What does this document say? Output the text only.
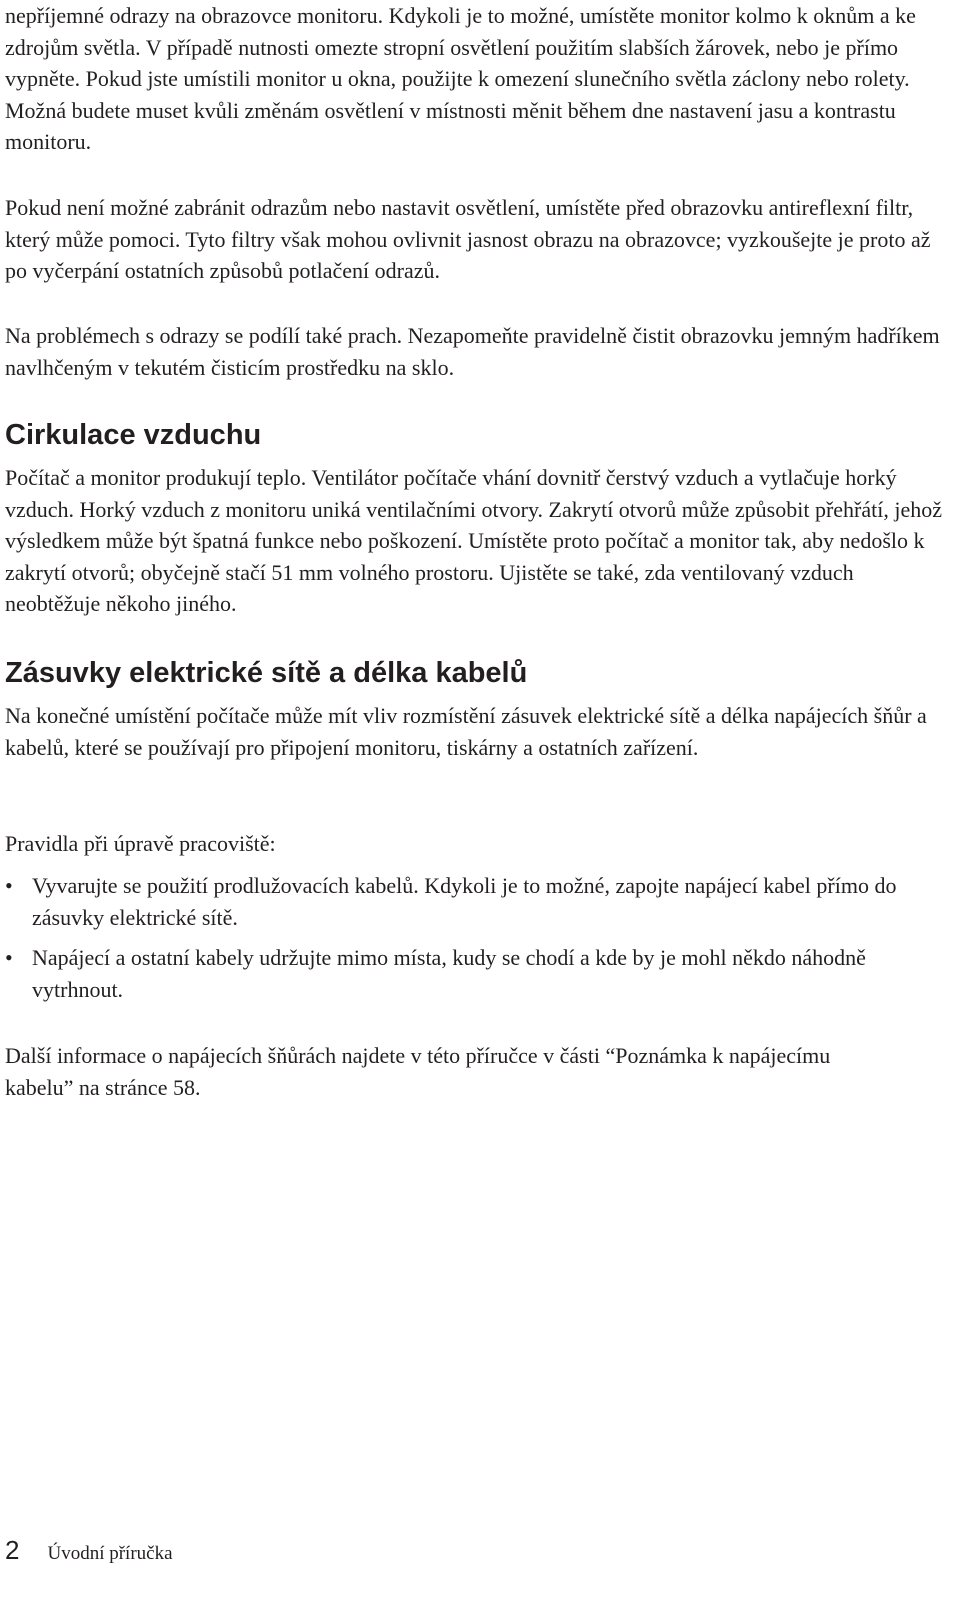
nepříjemné odrazy na obrazovce monitoru. Kdykoli je to možné, umístěte monitor kolmo k oknům a ke zdrojům světla. V případě nutnosti omezte stropní osvětlení použitím slabších žárovek, nebo je přímo vypněte. Pokud jste umístili monitor u okna, použijte k omezení slunečního světla záclony nebo rolety. Možná budete muset kvůli změnám osvětlení v místnosti měnit během dne nastavení jasu a kontrastu monitoru.

Pokud není možné zabránit odrazům nebo nastavit osvětlení, umístěte před obrazovku antireflexní filtr, který může pomoci. Tyto filtry však mohou ovlivnit jasnost obrazu na obrazovce; vyzkoušejte je proto až po vyčerpání ostatních způsobů potlačení odrazů.

Na problémech s odrazy se podílí také prach. Nezapomeňte pravidelně čistit obrazovku jemným hadříkem navlhčeným v tekutém čisticím prostředku na sklo.

Cirkulace vzduchu

Počítač a monitor produkují teplo. Ventilátor počítače vhání dovnitř čerstvý vzduch a vytlačuje horký vzduch. Horký vzduch z monitoru uniká ventilačními otvory. Zakrytí otvorů může způsobit přehřátí, jehož výsledkem může být špatná funkce nebo poškození. Umístěte proto počítač a monitor tak, aby nedošlo k zakrytí otvorů; obyčejně stačí 51 mm volného prostoru. Ujistěte se také, zda ventilovaný vzduch neobtěžuje někoho jiného.

Zásuvky elektrické sítě a délka kabelů

Na konečné umístění počítače může mít vliv rozmístění zásuvek elektrické sítě a délka napájecích šňůr a kabelů, které se používají pro připojení monitoru, tiskárny a ostatních zařízení.

Pravidla při úpravě pracoviště:

• Vyvarujte se použití prodlužovacích kabelů. Kdykoli je to možné, zapojte napájecí kabel přímo do zásuvky elektrické sítě.
• Napájecí a ostatní kabely udržujte mimo místa, kudy se chodí a kde by je mohl někdo náhodně vytrhnout.

Další informace o napájecích šňůrách najdete v této příručce v části “Poznámka k napájecímu kabelu” na stránce 58.

2 Úvodní příručka
